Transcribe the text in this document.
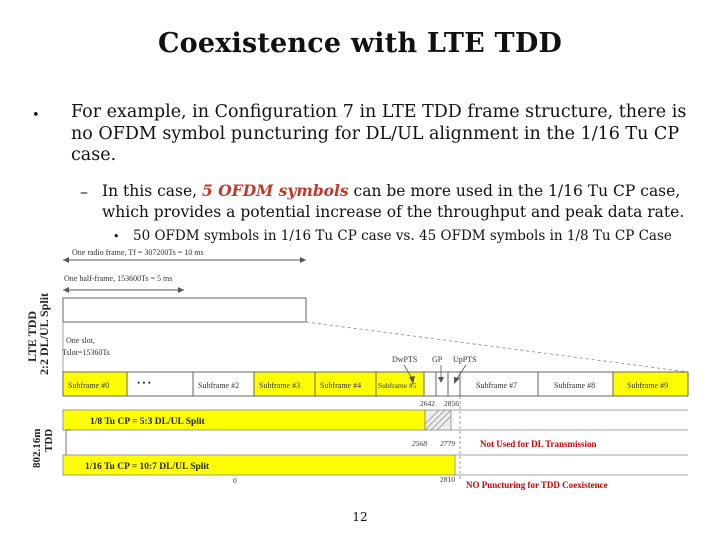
Coexistence with LTE TDD
• For example, in Configuration 7 in LTE TDD frame structure, there is no OFDM symbol puncturing for DL/UL alignment in the 1/16 Tu CP case.
– In this case, 5 OFDM symbols can be more used in the 1/16 Tu CP case, which provides a potential increase of the throughput and peak data rate.
• 50 OFDM symbols in 1/16 Tu CP case vs. 45 OFDM symbols in 1/8 Tu CP Case
LTE TDD
2:2 DL/UL Split
802.16m TDD
One radio frame, Tf = 307200Ts = 10 ms
One half-frame, 153600Ts = 5 ms
One slot,
Tslot=15360Ts
Subframe #0	• • •	Subframe #2 Subframe #3 Subframe #4 Subframe #5	Subframe #7	Subframe #8	Subframe #9
DwPTS GP UpPTS
2642 2856
1/8 Tu CP = 5:3 DL/UL Split
2568 2779	Not Used for DL Transmission
1/16 Tu CP = 10:7 DL/UL Split
0	2810
NO Puncturing for TDD Coexistence
12
